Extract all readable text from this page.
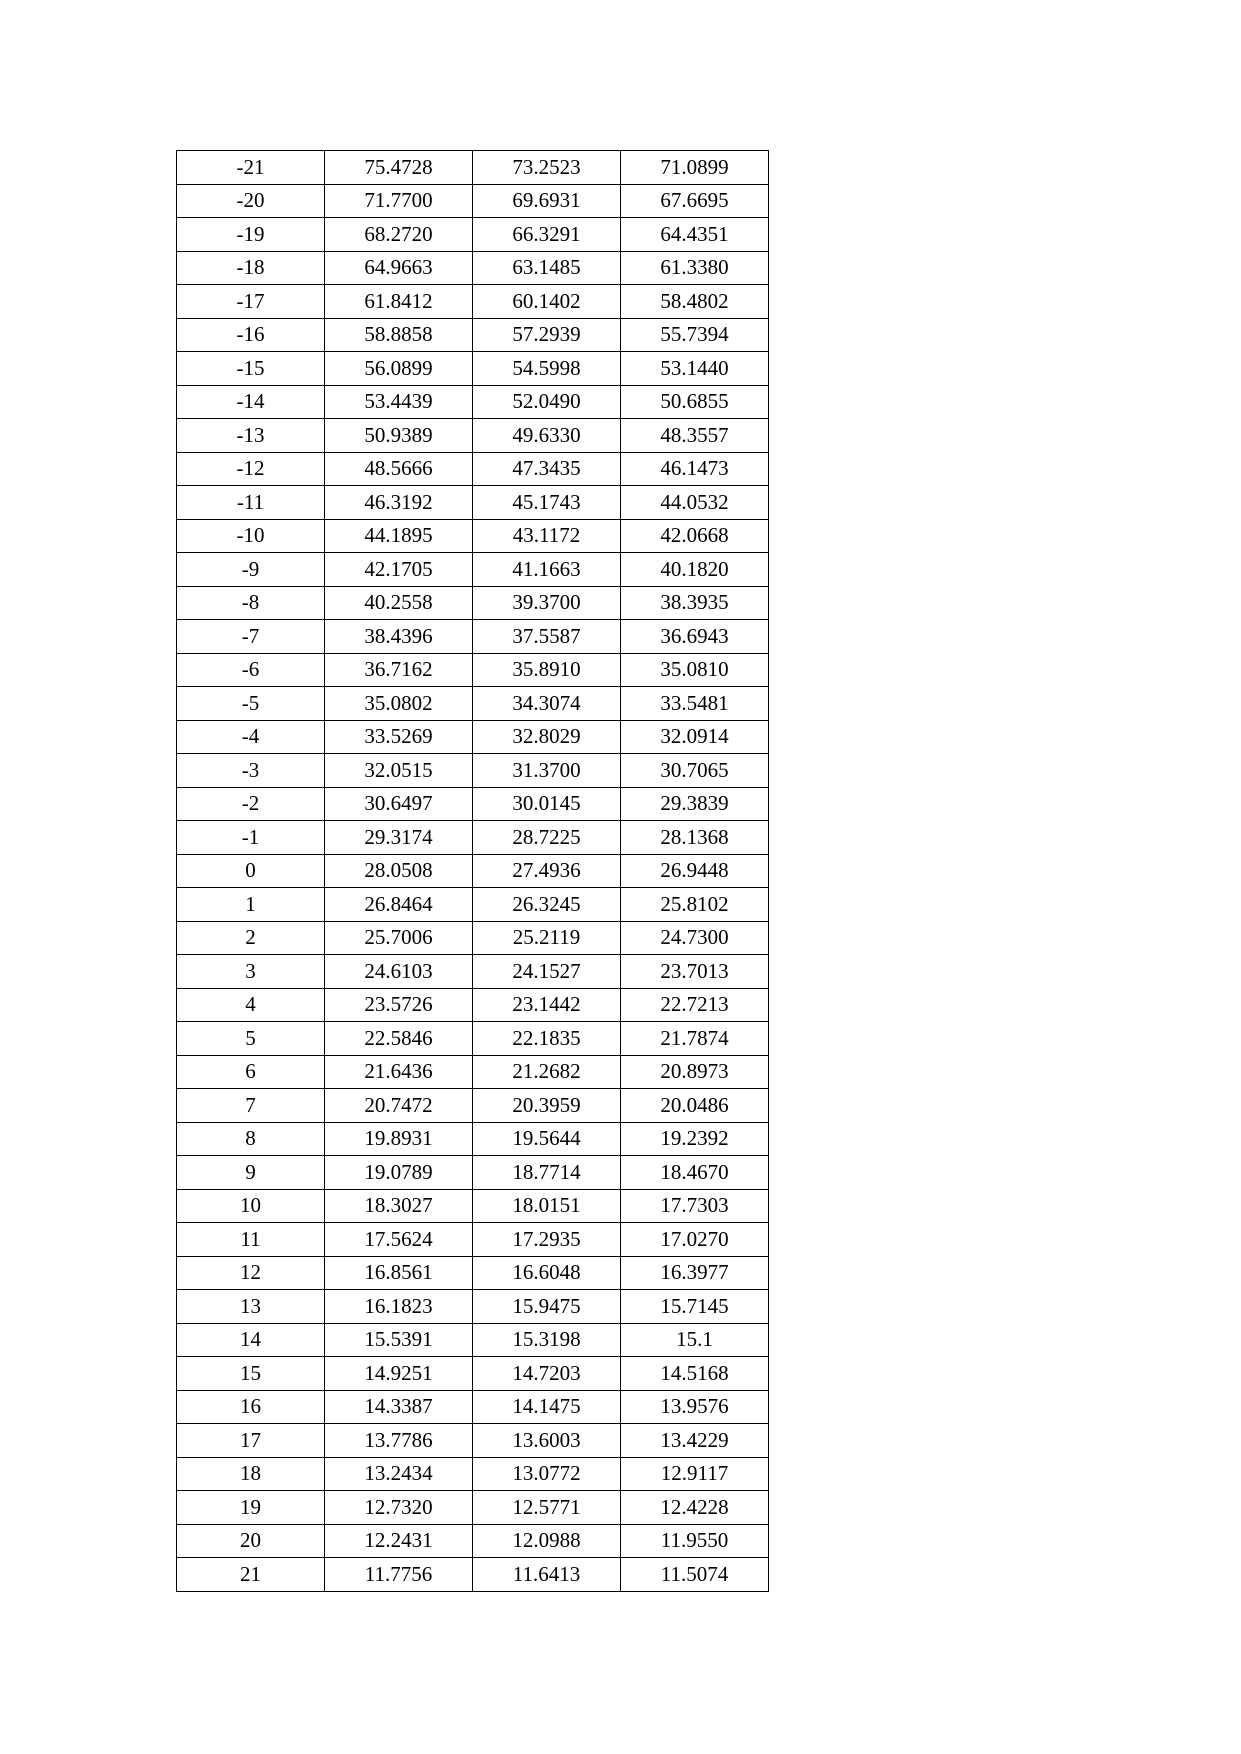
-21	75.4728	73.2523	71.0899
-20	71.7700	69.6931	67.6695
-19	68.2720	66.3291	64.4351
-18	64.9663	63.1485	61.3380
-17	61.8412	60.1402	58.4802
-16	58.8858	57.2939	55.7394
-15	56.0899	54.5998	53.1440
-14	53.4439	52.0490	50.6855
-13	50.9389	49.6330	48.3557
-12	48.5666	47.3435	46.1473
-11	46.3192	45.1743	44.0532
-10	44.1895	43.1172	42.0668
-9	42.1705	41.1663	40.1820
-8	40.2558	39.3700	38.3935
-7	38.4396	37.5587	36.6943
-6	36.7162	35.8910	35.0810
-5	35.0802	34.3074	33.5481
-4	33.5269	32.8029	32.0914
-3	32.0515	31.3700	30.7065
-2	30.6497	30.0145	29.3839
-1	29.3174	28.7225	28.1368
0	28.0508	27.4936	26.9448
1	26.8464	26.3245	25.8102
2	25.7006	25.2119	24.7300
3	24.6103	24.1527	23.7013
4	23.5726	23.1442	22.7213
5	22.5846	22.1835	21.7874
6	21.6436	21.2682	20.8973
7	20.7472	20.3959	20.0486
8	19.8931	19.5644	19.2392
9	19.0789	18.7714	18.4670
10	18.3027	18.0151	17.7303
11	17.5624	17.2935	17.0270
12	16.8561	16.6048	16.3977
13	16.1823	15.9475	15.7145
14	15.5391	15.3198	15.1
15	14.9251	14.7203	14.5168
16	14.3387	14.1475	13.9576
17	13.7786	13.6003	13.4229
18	13.2434	13.0772	12.9117
19	12.7320	12.5771	12.4228
20	12.2431	12.0988	11.9550
21	11.7756	11.6413	11.5074
